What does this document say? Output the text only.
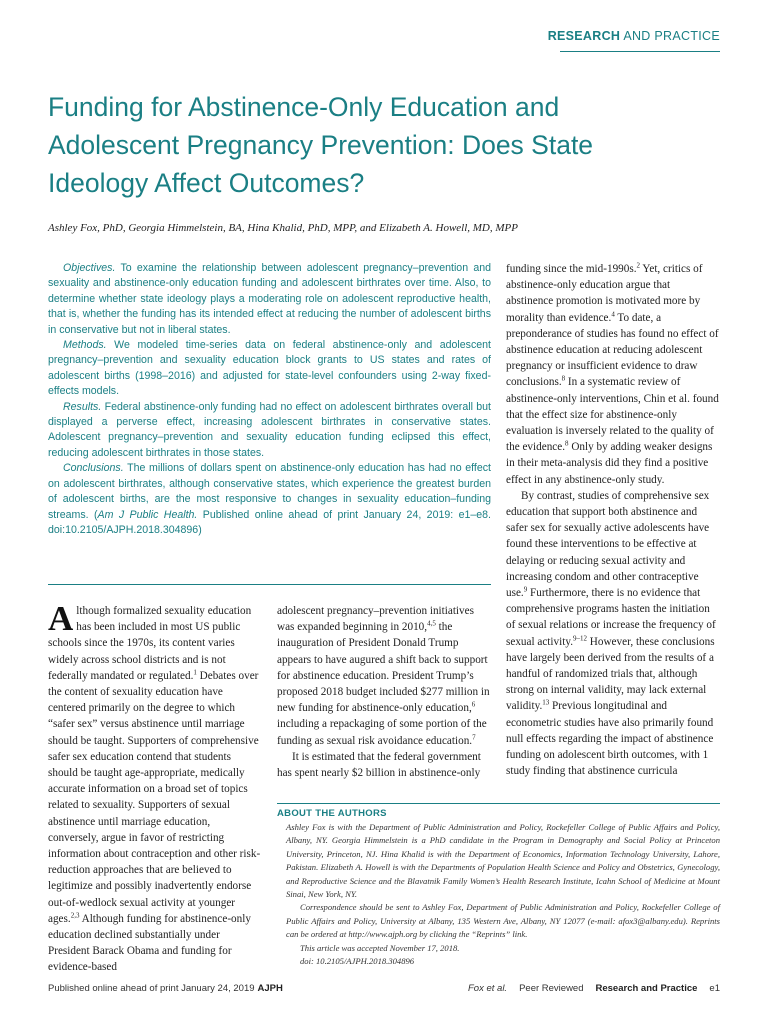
RESEARCH AND PRACTICE
Funding for Abstinence-Only Education and Adolescent Pregnancy Prevention: Does State Ideology Affect Outcomes?
Ashley Fox, PhD, Georgia Himmelstein, BA, Hina Khalid, PhD, MPP, and Elizabeth A. Howell, MD, MPP

Objectives. To examine the relationship between adolescent pregnancy–prevention and sexuality and abstinence-only education funding and adolescent birthrates over time. Also, to determine whether state ideology plays a moderating role on adolescent reproductive health, that is, whether the funding has its intended effect at reducing the number of adolescent births in conservative but not in liberal states.

Methods. We modeled time-series data on federal abstinence-only and adolescent pregnancy–prevention and sexuality education block grants to US states and rates of adolescent births (1998–2016) and adjusted for state-level confounders using 2-way fixed-effects models.

Results. Federal abstinence-only funding had no effect on adolescent birthrates overall but displayed a perverse effect, increasing adolescent birthrates in conservative states. Adolescent pregnancy–prevention and sexuality education funding eclipsed this effect, reducing adolescent birthrates in those states.

Conclusions. The millions of dollars spent on abstinence-only education has had no effect on adolescent birthrates, although conservative states, which experience the greatest burden of adolescent births, are the most responsive to changes in sexuality education–funding streams. (Am J Public Health. Published online ahead of print January 24, 2019: e1–e8. doi:10.2105/AJPH.2018.304896)

Although formalized sexuality education has been included in most US public schools since the 1970s, its content varies widely across school districts and is not federally mandated or regulated.$^1$ Debates over the content of sexuality education have centered primarily on the degree to which “safer sex” versus abstinence until marriage should be taught. Supporters of comprehensive safer sex education contend that students should be taught age-appropriate, medically accurate information on a broad set of topics related to sexuality. Supporters of sexual abstinence until marriage education, conversely, argue in favor of restricting information about contraception and other risk-reduction approaches that are believed to legitimize and possibly inadvertently endorse out-of-wedlock sexual activity at younger ages.$^{2,3}$ Although funding for abstinence-only education declined substantially under President Barack Obama and funding for evidence-based

adolescent pregnancy–prevention initiatives was expanded beginning in 2010,$^{4,5}$ the inauguration of President Donald Trump appears to have augured a shift back to support for abstinence education. President Trump’s proposed 2018 budget included $277 million in new funding for abstinence-only education,$^6$ including a repackaging of some portion of the funding as sexual risk avoidance education.$^7$

It is estimated that the federal government has spent nearly $2 billion in abstinence-only

funding since the mid-1990s.$^2$ Yet, critics of abstinence-only education argue that abstinence promotion is motivated more by morality than evidence.$^4$ To date, a preponderance of studies has found no effect of abstinence education at reducing adolescent pregnancy or insufficient evidence to draw conclusions.$^8$ In a systematic review of abstinence-only interventions, Chin et al. found that the effect size for abstinence-only evaluation is inversely related to the quality of the evidence.$^8$ Only by adding weaker designs in their meta-analysis did they find a positive effect in any abstinence-only study.

By contrast, studies of comprehensive sex education that support both abstinence and safer sex for sexually active adolescents have found these interventions to be effective at delaying or reducing sexual activity and increasing condom and other contraceptive use.$^9$ Furthermore, there is no evidence that comprehensive programs hasten the initiation of sexual relations or increase the frequency of sexual activity.$^{9-12}$ However, these conclusions have largely been derived from the results of a handful of randomized trials that, although strong on internal validity, may lack external validity.$^{13}$ Previous longitudinal and econometric studies have also primarily found null effects regarding the impact of abstinence funding on adolescent birth outcomes, with 1 study finding that abstinence curricula

ABOUT THE AUTHORS

Ashley Fox is with the Department of Public Administration and Policy, Rockefeller College of Public Affairs and Policy, Albany, NY. Georgia Himmelstein is a PhD candidate in the Program in Demography and Social Policy at Princeton University, Princeton, NJ. Hina Khalid is with the Department of Economics, Information Technology University, Lahore, Pakistan. Elizabeth A. Howell is with the Departments of Population Health Science and Policy and Obstetrics, Gynecology, and Reproductive Science and the Blavatnik Family Women’s Health Research Institute, Icahn School of Medicine at Mount Sinai, New York, NY.

Correspondence should be sent to Ashley Fox, Department of Public Administration and Policy, Rockefeller College of Public Affairs and Policy, University at Albany, 135 Western Ave, Albany, NY 12077 (e-mail: afox3@albany.edu). Reprints can be ordered at http://www.ajph.org by clicking the “Reprints” link.

This article was accepted November 17, 2018.

doi: 10.2105/AJPH.2018.304896

Published online ahead of print January 24, 2019 AJPH	Fox et al. Peer Reviewed Research and Practice e1
